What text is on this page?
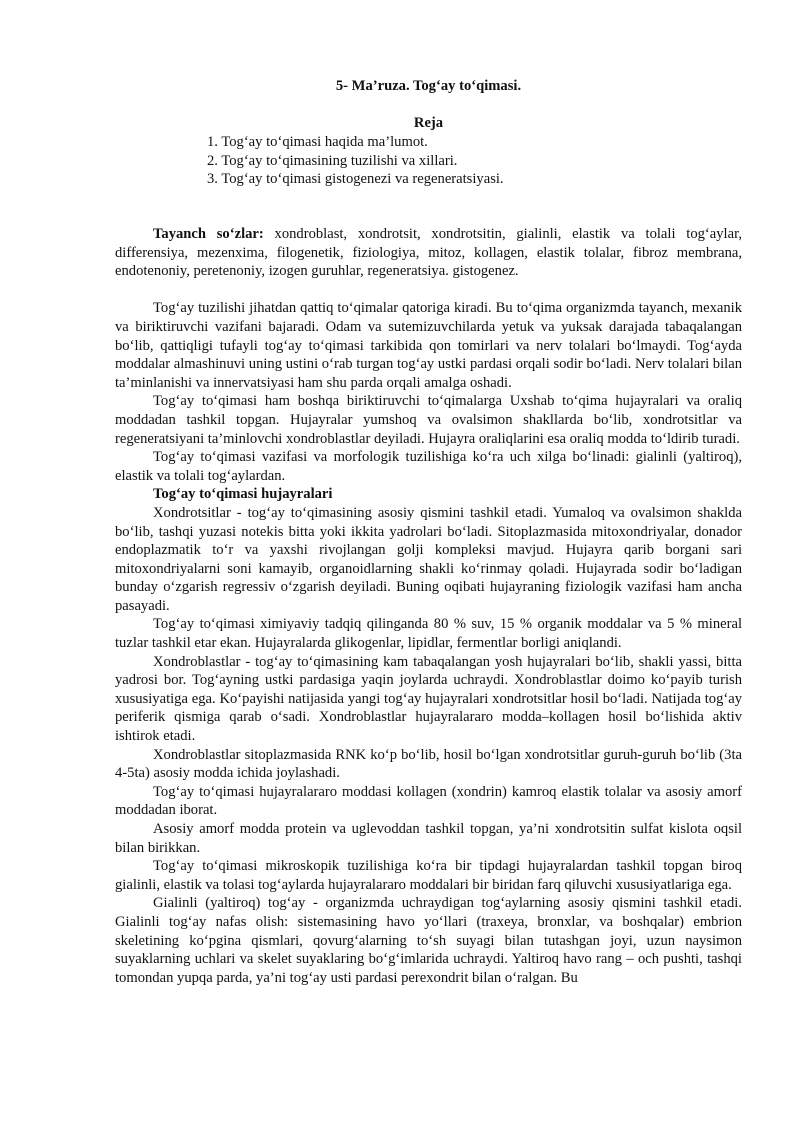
5- Ma’ruza. Tog‘ay to‘qimasi.
Reja
1. Tog‘ay to‘qimasi haqida ma’lumot.
2. Tog‘ay to‘qimasining tuzilishi va xillari.
3. Tog‘ay to‘qimasi gistogenezi va regeneratsiyasi.

Tayanch so‘zlar: xondroblast, xondrotsit, xondrotsitin, gialinli, elastik va tolali tog‘aylar, differensiya, mezenxima, filogenetik, fiziologiya, mitoz, kollagen, elastik tolalar, fibroz membrana, endotenoniy, peretenoniy, izogen guruhlar, regeneratsiya. gistogenez.

Tog‘ay tuzilishi jihatdan qattiq to‘qimalar qatoriga kiradi. Bu to‘qima organizmda tayanch, mexanik va biriktiruvchi vazifani bajaradi. Odam va sutemizuvchilarda yetuk va yuksak darajada tabaqalangan bo‘lib, qattiqligi tufayli tog‘ay to‘qimasi tarkibida qon tomirlari va nerv tolalari bo‘lmaydi. Tog‘ayda moddalar almashinuvi uning ustini o‘rab turgan tog‘ay ustki pardasi orqali sodir bo‘ladi. Nerv tolalari bilan ta’minlanishi va innervatsiyasi ham shu parda orqali amalga oshadi.

Tog‘ay to‘qimasi ham boshqa biriktiruvchi to‘qimalarga Uxshab to‘qima hujayralari va oraliq moddadan tashkil topgan. Hujayralar yumshoq va ovalsimon shakllarda bo‘lib, xondrotsitlar va regeneratsiyani ta’minlovchi xondroblastlar deyiladi. Hujayra oraliqlarini esa oraliq modda to‘ldirib turadi.

Tog‘ay to‘qimasi vazifasi va morfologik tuzilishiga ko‘ra uch xilga bo‘linadi: gialinli (yaltiroq), elastik va tolali tog‘aylardan.

Tog‘ay to‘qimasi hujayralari

Xondrotsitlar - tog‘ay to‘qimasining asosiy qismini tashkil etadi. Yumaloq va ovalsimon shaklda bo‘lib, tashqi yuzasi notekis bitta yoki ikkita yadrolari bo‘ladi. Sitoplazmasida mitoxondriyalar, donador endoplazmatik to‘r va yaxshi rivojlangan golji kompleksi mavjud. Hujayra qarib borgani sari mitoxondriyalarni soni kamayib, organoidlarning shakli ko‘rinmay qoladi. Hujayrada sodir bo‘ladigan bunday o‘zgarish regressiv o‘zgarish deyiladi. Buning oqibati hujayraning fiziologik vazifasi ham ancha pasayadi.

Tog‘ay to‘qimasi ximiyaviy tadqiq qilinganda 80 % suv, 15 % organik moddalar va 5 % mineral tuzlar tashkil etar ekan. Hujayralarda glikogenlar, lipidlar, fermentlar borligi aniqlandi.

Xondroblastlar - tog‘ay to‘qimasining kam tabaqalangan yosh hujayralari bo‘lib, shakli yassi, bitta yadrosi bor. Tog‘ayning ustki pardasiga yaqin joylarda uchraydi. Xondroblastlar doimo ko‘payib turish xususiyatiga ega. Ko‘payishi natijasida yangi tog‘ay hujayralari xondrotsitlar hosil bo‘ladi. Natijada tog‘ay periferik qismiga qarab o‘sadi. Xondroblastlar hujayralararo modda–kollagen hosil bo‘lishida aktiv ishtirok etadi.

Xondroblastlar sitoplazmasida RNK ko‘p bo‘lib, hosil bo‘lgan xondrotsitlar guruh-guruh bo‘lib (3ta 4-5ta) asosiy modda ichida joylashadi.

Tog‘ay to‘qimasi hujayralararo moddasi kollagen (xondrin) kamroq elastik tolalar va asosiy amorf moddadan iborat.

Asosiy amorf modda protein va uglevoddan tashkil topgan, ya’ni xondrotsitin sulfat kislota oqsil bilan birikkan.

Tog‘ay to‘qimasi mikroskopik tuzilishiga ko‘ra bir tipdagi hujayralardan tashkil topgan biroq gialinli, elastik va tolasi tog‘aylarda hujayralararo moddalari bir biridan farq qiluvchi xususiyatlariga ega.

Gialinli (yaltiroq) tog‘ay - organizmda uchraydigan tog‘aylarning asosiy qismini tashkil etadi. Gialinli tog‘ay nafas olish: sistemasining havo yo‘llari (traxeya, bronxlar, va boshqalar) embrion skeletining ko‘pgina qismlari, qovurg‘alarning to‘sh suyagi bilan tutashgan joyi, uzun naysimon suyaklarning uchlari va skelet suyaklaring bo‘g‘imlarida uchraydi. Yaltiroq havo rang – och pushti, tashqi tomondan yupqa parda, ya’ni tog‘ay usti pardasi perexondrit bilan o‘ralgan. Bu
